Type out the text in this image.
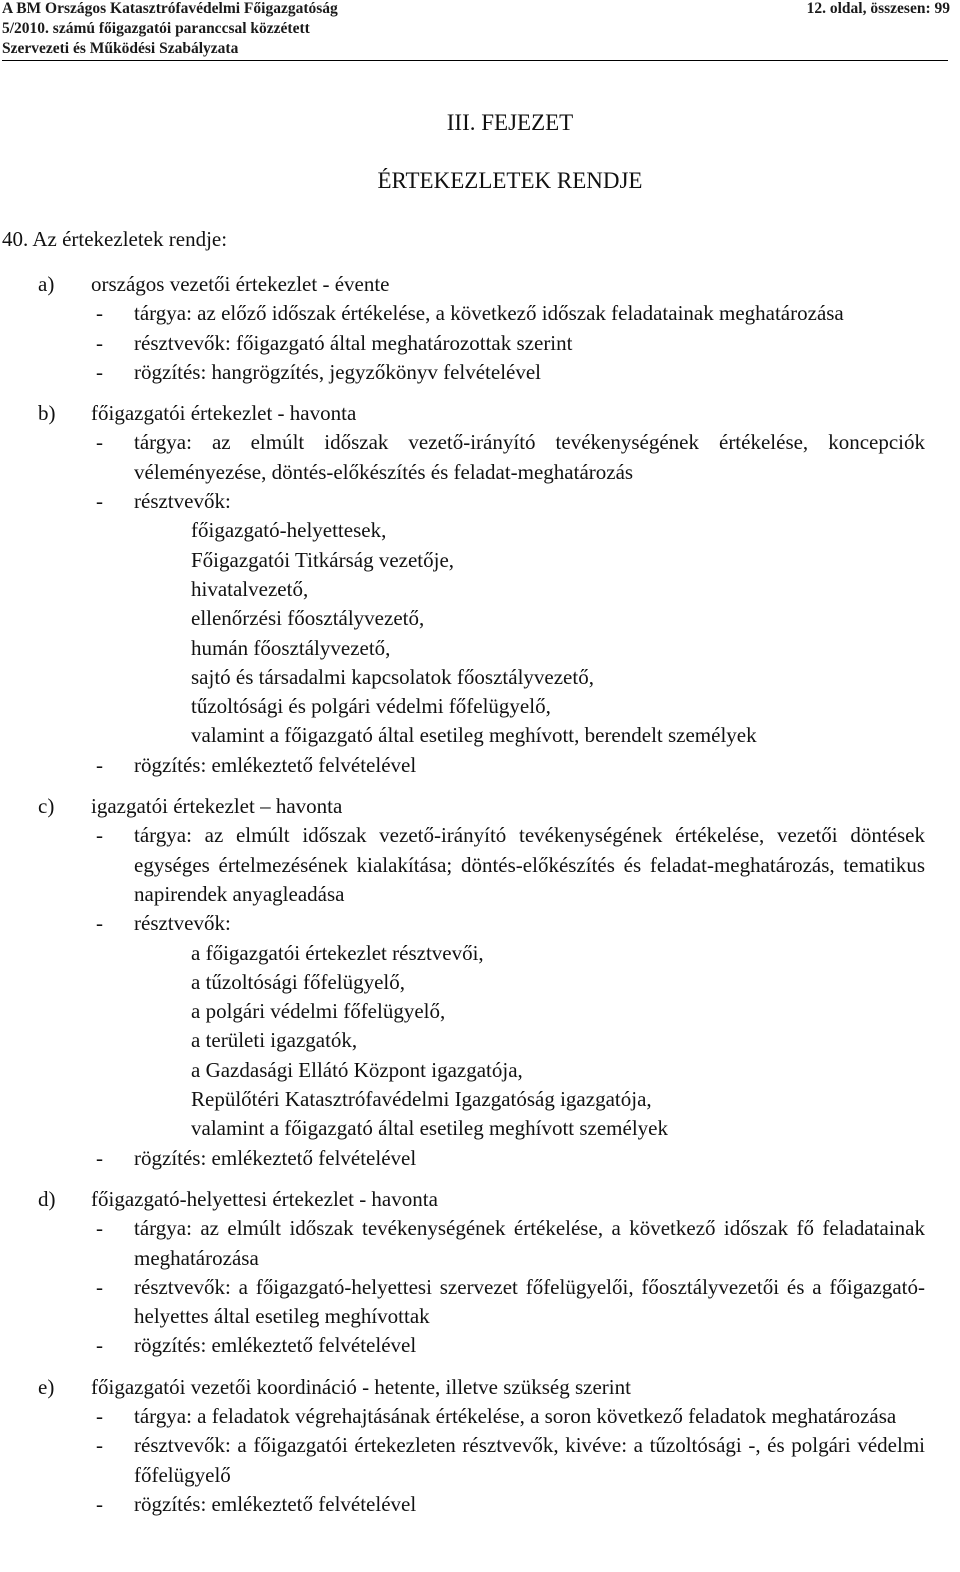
A BM Országos Katasztrófavédelmi Főigazgatóság	12. oldal, összesen: 99
5/2010. számú főigazgatói paranccsal közzétett
Szervezeti és Működési Szabályzata
III. FEJEZET
ÉRTEKEZLETEK RENDJE
40. Az értekezletek rendje:
a) országos vezetői értekezlet - évente
- tárgya: az előző időszak értékelése, a következő időszak feladatainak meghatározása
- résztvevők: főigazgató által meghatározottak szerint
- rögzítés: hangrögzítés, jegyzőkönyv felvételével
b) főigazgatói értekezlet - havonta
- tárgya: az elmúlt időszak vezető-irányító tevékenységének értékelése, koncepciók véleményezése, döntés-előkészítés és feladat-meghatározás
- résztvevők:
főigazgató-helyettesek,
Főigazgatói Titkárság vezetője,
hivatalvezető,
ellenőrzési főosztályvezető,
humán főosztályvezető,
sajtó és társadalmi kapcsolatok főosztályvezető,
tűzoltósági és polgári védelmi főfelügyelő,
valamint a főigazgató által esetileg meghívott, berendelt személyek
- rögzítés: emlékeztető felvételével
c) igazgatói értekezlet – havonta
- tárgya: az elmúlt időszak vezető-irányító tevékenységének értékelése, vezetői döntések egységes értelmezésének kialakítása; döntés-előkészítés és feladat-meghatározás, tematikus napirendek anyagleadása
- résztvevők:
a főigazgatói értekezlet résztvevői,
a tűzoltósági főfelügyelő,
a polgári védelmi főfelügyelő,
a területi igazgatók,
a Gazdasági Ellátó Központ igazgatója,
Repülőtéri Katasztrófavédelmi Igazgatóság igazgatója,
valamint a főigazgató által esetileg meghívott személyek
- rögzítés: emlékeztető felvételével
d) főigazgató-helyettesi értekezlet - havonta
- tárgya: az elmúlt időszak tevékenységének értékelése, a következő időszak fő feladatainak meghatározása
- résztvevők: a főigazgató-helyettesi szervezet főfelügyelői, főosztályvezetői és a főigazgató-helyettes által esetileg meghívottak
- rögzítés: emlékeztető felvételével
e) főigazgatói vezetői koordináció - hetente, illetve szükség szerint
- tárgya: a feladatok végrehajtásának értékelése, a soron következő feladatok meghatározása
- résztvevők: a főigazgatói értekezleten résztvevők, kivéve: a tűzoltósági -, és polgári védelmi főfelügyelő
- rögzítés: emlékeztető felvételével
